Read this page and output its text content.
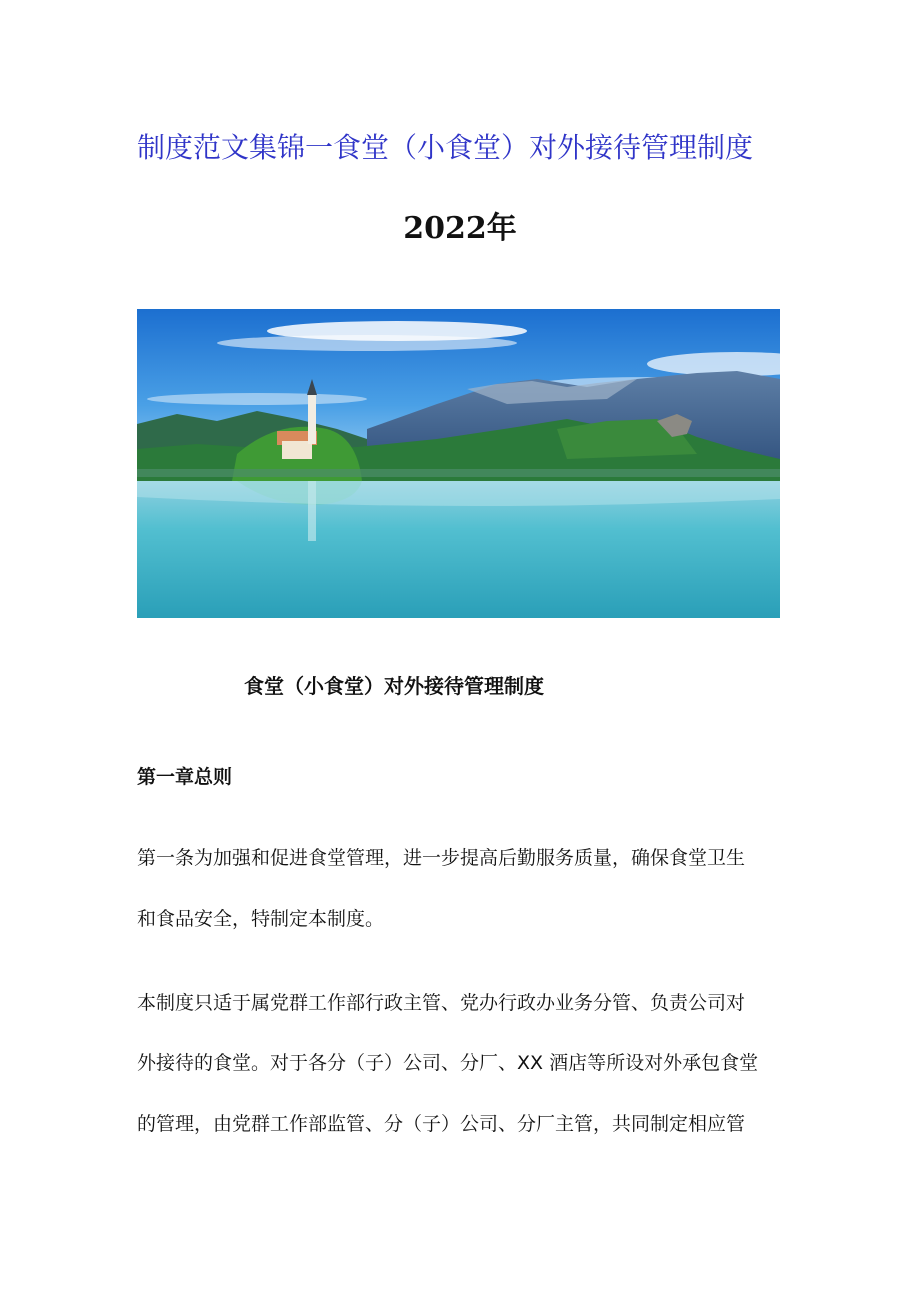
制度范文集锦一食堂（小食堂）对外接待管理制度
2022年
食堂（小食堂）对外接待管理制度
第一章总则
第一条为加强和促进食堂管理，进一步提高后勤服务质量，确保食堂卫生
和食品安全，特制定本制度。
本制度只适于属党群工作部行政主管、党办行政办业务分管、负责公司对
外接待的食堂。对于各分（子）公司、分厂、XX 酒店等所设对外承包食堂
的管理，由党群工作部监管、分（子）公司、分厂主管，共同制定相应管
